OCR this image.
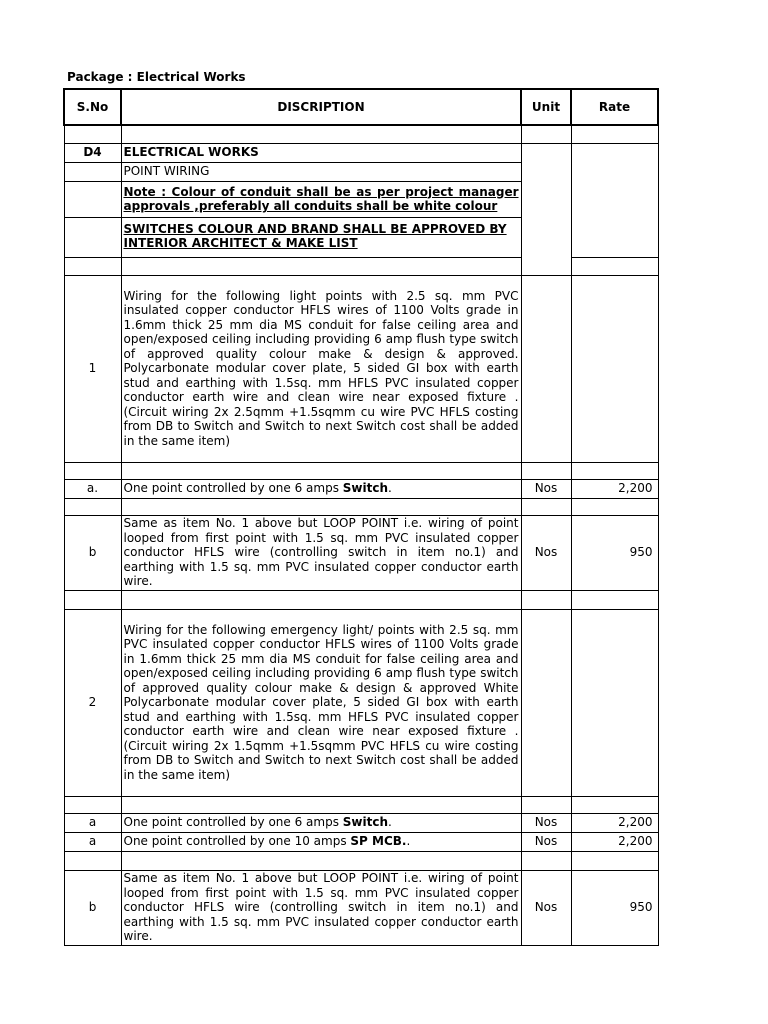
Package : Electrical Works
S.No	DISCRIPTION	Unit	Rate

D4	ELECTRICAL WORKS		
	POINT WIRING		
	Note : Colour of conduit shall be as per project manager approvals ,preferably all conduits shall be white colour		
	SWITCHES COLOUR AND BRAND SHALL BE APPROVED BY INTERIOR ARCHITECT & MAKE LIST		

1	Wiring for the following light points with 2.5 sq. mm PVC insulated copper conductor HFLS wires of 1100 Volts grade in 1.6mm thick 25 mm dia MS conduit for false ceiling area and open/exposed ceiling including providing 6 amp flush type switch of approved quality colour make & design & approved. Polycarbonate modular cover plate, 5 sided GI box with earth stud and earthing with 1.5sq. mm HFLS PVC insulated copper conductor earth wire and clean wire near exposed fixture . (Circuit wiring 2x 2.5qmm +1.5sqmm cu wire PVC HFLS costing from DB to Switch and Switch to next Switch cost shall be added in the same item)		

a.	One point controlled by one 6 amps Switch.	Nos	2,200

b	Same as item No. 1 above but LOOP POINT i.e. wiring of point looped from first point with 1.5 sq. mm PVC insulated copper conductor HFLS wire (controlling switch in item no.1) and earthing with 1.5 sq. mm PVC insulated copper conductor earth wire.	Nos	950

2	Wiring for the following emergency light/ points with 2.5 sq. mm PVC insulated copper conductor HFLS wires of 1100 Volts grade in 1.6mm thick 25 mm dia MS conduit for false ceiling area and open/exposed ceiling including providing 6 amp flush type switch of approved quality colour make & design & approved White Polycarbonate modular cover plate, 5 sided GI box with earth stud and earthing with 1.5sq. mm HFLS PVC insulated copper conductor earth wire and clean wire near exposed fixture . (Circuit wiring 2x 1.5qmm +1.5sqmm PVC HFLS cu wire costing from DB to Switch and Switch to next Switch cost shall be added in the same item)		

a	One point controlled by one 6 amps Switch.	Nos	2,200
a	One point controlled by one 10 amps SP MCB..	Nos	2,200

b	Same as item No. 1 above but LOOP POINT i.e. wiring of point looped from first point with 1.5 sq. mm PVC insulated copper conductor HFLS wire (controlling switch in item no.1) and earthing with 1.5 sq. mm PVC insulated copper conductor earth wire.	Nos	950
